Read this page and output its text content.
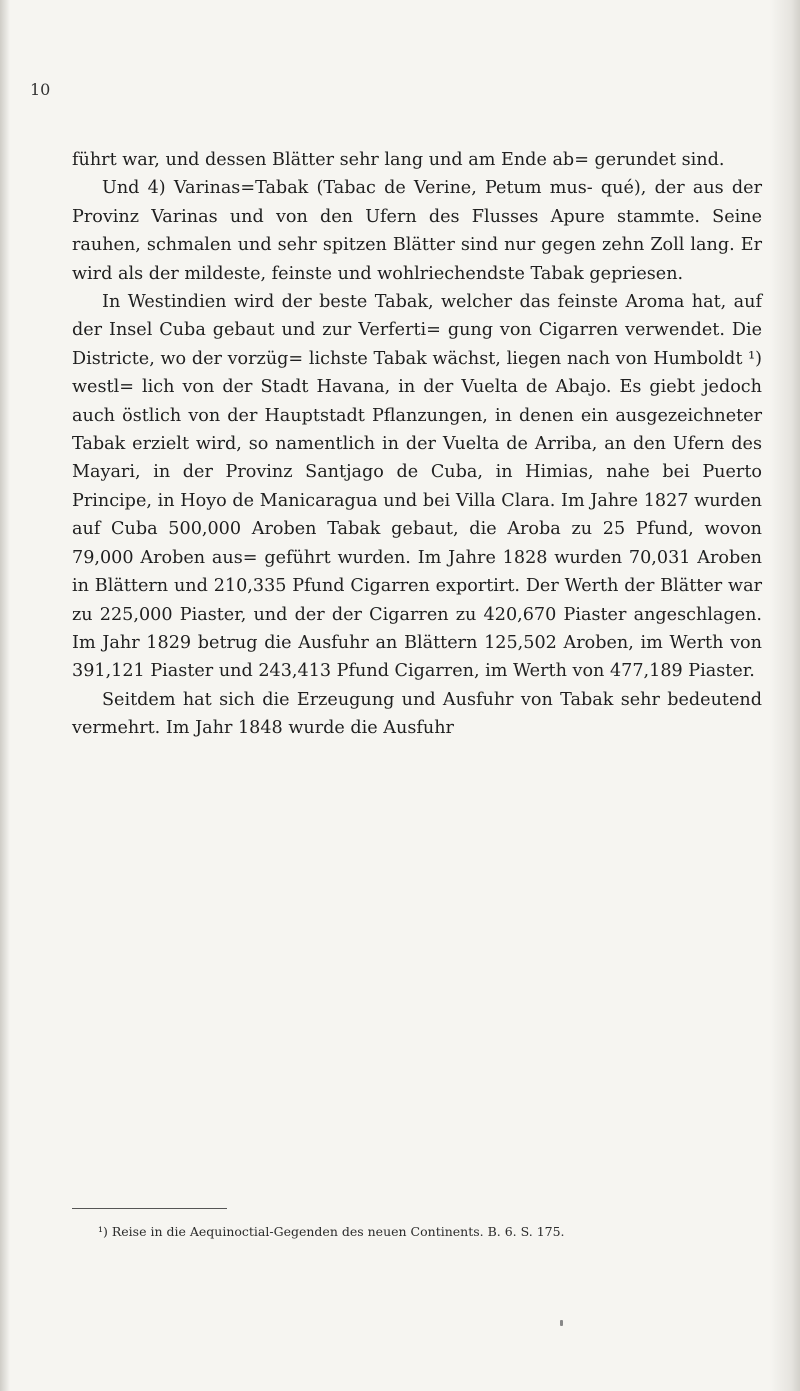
10

führt war, und dessen Blätter sehr lang und am Ende ab= gerundet sind.

Und 4) Varinas=Tabak (Tabac de Verine, Petum mus- qué), der aus der Provinz Varinas und von den Ufern des Flusses Apure stammte. Seine rauhen, schmalen und sehr spitzen Blätter sind nur gegen zehn Zoll lang. Er wird als der mildeste, feinste und wohlriechendste Tabak gepriesen.

In Westindien wird der beste Tabak, welcher das feinste Aroma hat, auf der Insel Cuba gebaut und zur Verferti= gung von Cigarren verwendet. Die Districte, wo der vorzüg= lichste Tabak wächst, liegen nach von Humboldt ¹) westl= lich von der Stadt Havana, in der Vuelta de Abajo. Es giebt jedoch auch östlich von der Hauptstadt Pflanzungen, in denen ein ausgezeichneter Tabak erzielt wird, so namentlich in der Vuelta de Arriba, an den Ufern des Mayari, in der Provinz Santjago de Cuba, in Himias, nahe bei Puerto Principe, in Hoyo de Manicaragua und bei Villa Clara. Im Jahre 1827 wurden auf Cuba 500,000 Aroben Tabak gebaut, die Aroba zu 25 Pfund, wovon 79,000 Aroben aus= geführt wurden. Im Jahre 1828 wurden 70,031 Aroben in Blättern und 210,335 Pfund Cigarren exportirt. Der Werth der Blätter war zu 225,000 Piaster, und der der Cigarren zu 420,670 Piaster angeschlagen. Im Jahr 1829 betrug die Ausfuhr an Blättern 125,502 Aroben, im Werth von 391,121 Piaster und 243,413 Pfund Cigarren, im Werth von 477,189 Piaster.

Seitdem hat sich die Erzeugung und Ausfuhr von Tabak sehr bedeutend vermehrt. Im Jahr 1848 wurde die Ausfuhr

¹) Reise in die Aequinoctial-Gegenden des neuen Continents. B. 6. S. 175.
